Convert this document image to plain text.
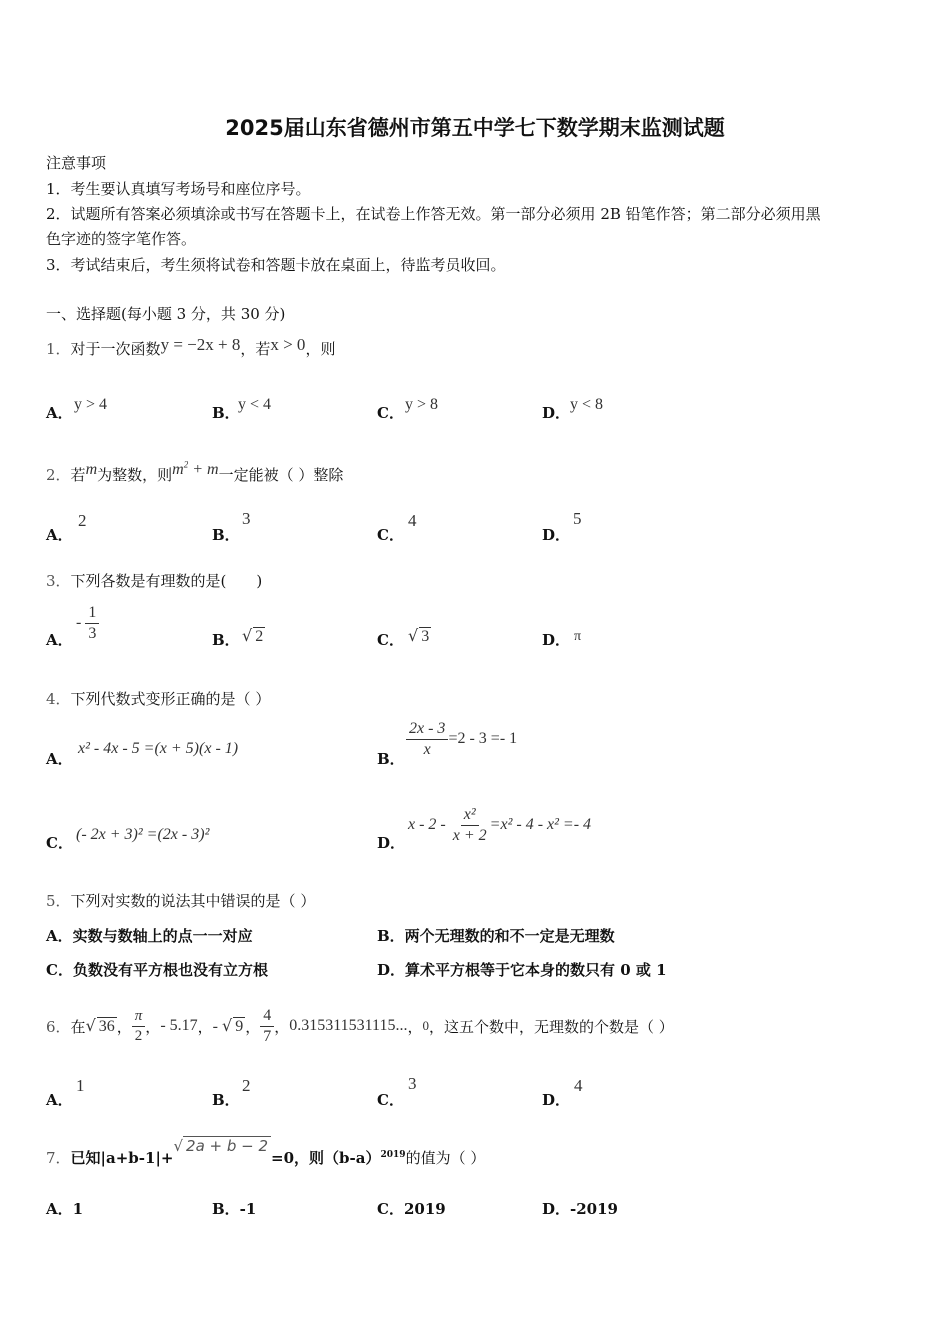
2025届山东省德州市第五中学七下数学期末监测试题
注意事项
1．考生要认真填写考场号和座位序号。
2．试题所有答案必须填涂或书写在答题卡上，在试卷上作答无效。第一部分必须用 2B 铅笔作答；第二部分必须用黑
色字迹的签字笔作答。
3．考试结束后，考生须将试卷和答题卡放在桌面上，待监考员收回。
一、选择题(每小题 3 分，共 30 分)
1．对于一次函数y = −2x + 8，若x > 0，则
A． y > 4	B．
y < 4	C． y > 8	D． y < 8
2．若m为整数，则$m^2 + m$一定能被（ ）整除
A．
2
B．
3
C．
4
D．
5
3．下列各数是有理数的是(　　)
A．
- $\frac{1}{3}$	B． √ 2	C． √ 3	D． π
4．下列代数式变形正确的是（ ）
A．
x² - 4x - 5 =(x + 5)(x - 1)
B．
$\frac{2x - 3}{x} =2 - 3 =- 1$
C． (- 2x + 3)² =(2x - 3)²	D．
$x - 2 - \frac{\text{x²}}{x + 2} =x^2 - 4 - x^2 =- 4$
5．下列对实数的说法其中错误的是（ ）
A．实数与数轴上的点一一对应	B．两个无理数的和不一定是无理数
C．负数没有平方根也没有立方根	D．算术平方根等于它本身的数只有 0 或 1
6． 在 √ 36 ， $\frac{\pi}{2}$ ， - 5.17 ， - √ 9 ， $\frac{4}{7}$ ， 0.315311531115... ， 0 ，这五个数中，无理数的个数是（ ）
A．
1
B．
2
C．
3
D．
4
7．已知|a+b-1|+√ 2a + b − 2=0，则$(b-a)^{2019}$的值为（ ）
A．1	B．-1	C．2019	D．-2019
